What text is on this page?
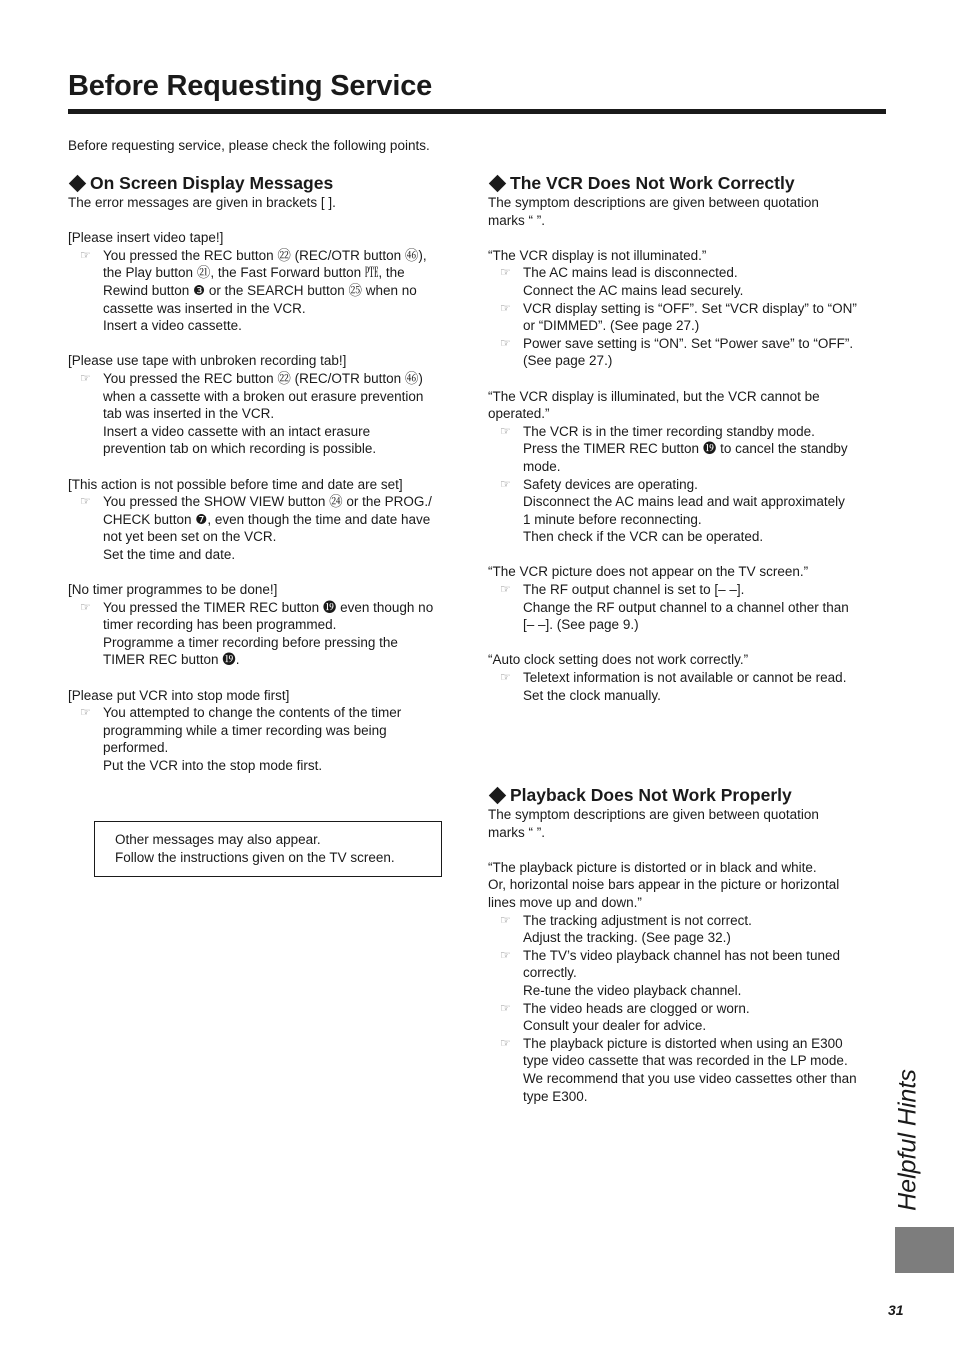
Before Requesting Service
Before requesting service, please check the following points.
On Screen Display Messages

The error messages are given in brackets [ ].

[Please insert video tape!]

☞ You pressed the REC button ㉒ (REC/OTR button ㊻),

the Play button ㉑, the Fast Forward button ㉐, the

Rewind button ❸ or the SEARCH button ㉕ when no

cassette was inserted in the VCR.

Insert a video cassette.

[Please use tape with unbroken recording tab!]

☞ You pressed the REC button ㉒ (REC/OTR button ㊻)

when a cassette with a broken out erasure prevention

tab was inserted in the VCR.

Insert a video cassette with an intact erasure

prevention tab on which recording is possible.

[This action is not possible before time and date are set]

☞ You pressed the SHOW VIEW button ㉔ or the PROG./

CHECK button ❼, even though the time and date have

not yet been set on the VCR.

Set the time and date.

[No timer programmes to be done!]

☞ You pressed the TIMER REC button ⓳ even though no

timer recording has been programmed.

Programme a timer recording before pressing the

TIMER REC button ⓳.

[Please put VCR into stop mode first]

☞ You attempted to change the contents of the timer

programming while a timer recording was being

performed.

Put the VCR into the stop mode first.

Other messages may also appear.

Follow the instructions given on the TV screen.

The VCR Does Not Work Correctly

The symptom descriptions are given between quotation

marks “ ”.

“The VCR display is not illuminated.”

☞ The AC mains lead is disconnected.

Connect the AC mains lead securely.

☞ VCR display setting is “OFF”. Set “VCR display” to “ON”

or “DIMMED”. (See page 27.)

☞ Power save setting is “ON”. Set “Power save” to “OFF”.

(See page 27.)

“The VCR display is illuminated, but the VCR cannot be

operated.”

☞ The VCR is in the timer recording standby mode.

Press the TIMER REC button ⓳ to cancel the standby

mode.

☞ Safety devices are operating.

Disconnect the AC mains lead and wait approximately

1 minute before reconnecting.

Then check if the VCR can be operated.

“The VCR picture does not appear on the TV screen.”

☞ The RF output channel is set to [– –].

Change the RF output channel to a channel other than

[– –]. (See page 9.)

“Auto clock setting does not work correctly.”

☞ Teletext information is not available or cannot be read.

Set the clock manually.

Playback Does Not Work Properly

The symptom descriptions are given between quotation

marks “ ”.

“The playback picture is distorted or in black and white.

Or, horizontal noise bars appear in the picture or horizontal

lines move up and down.”

☞ The tracking adjustment is not correct.

Adjust the tracking. (See page 32.)

☞ The TV’s video playback channel has not been tuned

correctly.

Re-tune the video playback channel.

☞ The video heads are clogged or worn.

Consult your dealer for advice.

☞ The playback picture is distorted when using an E300

type video cassette that was recorded in the LP mode.

We recommend that you use video cassettes other than

type E300.	Helpful Hints
31
